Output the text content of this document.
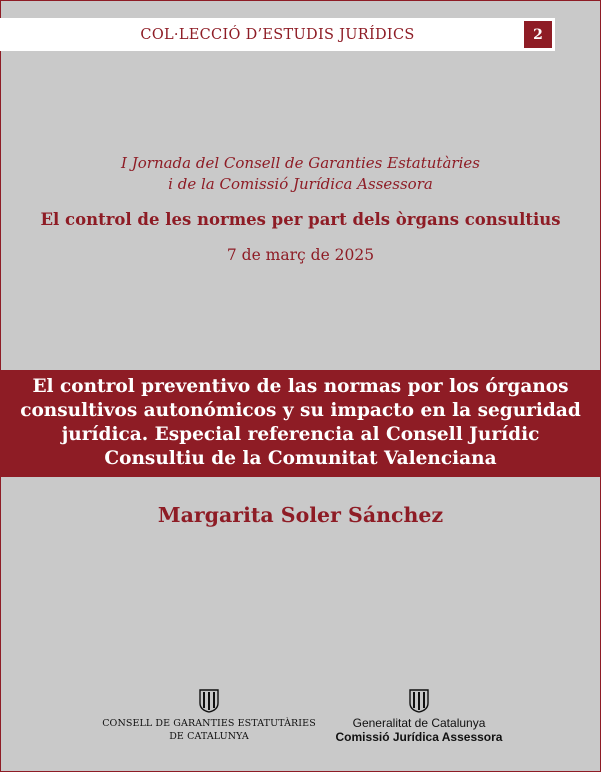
COL·LECCIÓ D’ESTUDIS JURÍDICS	2
I Jornada del Consell de Garanties Estatutàries
i de la Comissió Jurídica Assessora
El control de les normes per part dels òrgans consultius
7 de març de 2025
El control preventivo de las normas por los órganos
consultivos autonómicos y su impacto en la seguridad
jurídica. Especial referencia al Consell Jurídic
Consultiu de la Comunitat Valenciana
Margarita Soler Sánchez
CONSELL DE GARANTIES ESTATUTÀRIES
DE CATALUNYA
Generalitat de Catalunya
Comissió Jurídica Assessora
